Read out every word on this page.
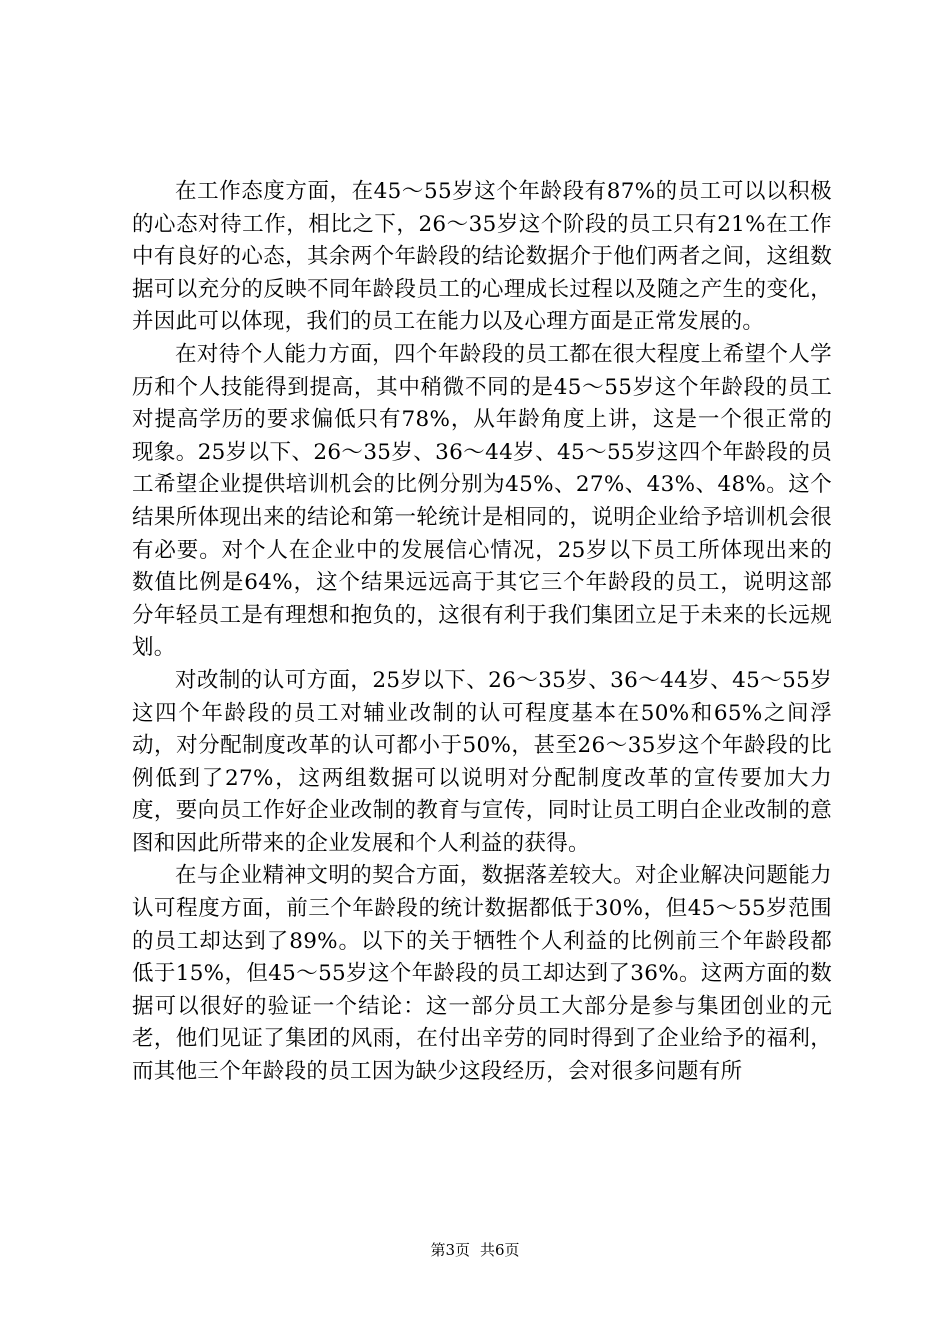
在工作态度方面，在45～55岁这个年龄段有87%的员工可以以积极的心态对待工作，相比之下，26～35岁这个阶段的员工只有21%在工作中有良好的心态，其余两个年龄段的结论数据介于他们两者之间，这组数据可以充分的反映不同年龄段员工的心理成长过程以及随之产生的变化，并因此可以体现，我们的员工在能力以及心理方面是正常发展的。

在对待个人能力方面，四个年龄段的员工都在很大程度上希望个人学历和个人技能得到提高，其中稍微不同的是45～55岁这个年龄段的员工对提高学历的要求偏低只有78%，从年龄角度上讲，这是一个很正常的现象。25岁以下、26～35岁、36～44岁、45～55岁这四个年龄段的员工希望企业提供培训机会的比例分别为45%、27%、43%、48%。这个结果所体现出来的结论和第一轮统计是相同的，说明企业给予培训机会很有必要。对个人在企业中的发展信心情况，25岁以下员工所体现出来的数值比例是64%，这个结果远远高于其它三个年龄段的员工，说明这部分年轻员工是有理想和抱负的，这很有利于我们集团立足于未来的长远规划。

对改制的认可方面，25岁以下、26～35岁、36～44岁、45～55岁这四个年龄段的员工对辅业改制的认可程度基本在50%和65%之间浮动，对分配制度改革的认可都小于50%，甚至26～35岁这个年龄段的比例低到了27%，这两组数据可以说明对分配制度改革的宣传要加大力度，要向员工作好企业改制的教育与宣传，同时让员工明白企业改制的意图和因此所带来的企业发展和个人利益的获得。

在与企业精神文明的契合方面，数据落差较大。对企业解决问题能力认可程度方面，前三个年龄段的统计数据都低于30%，但45～55岁范围的员工却达到了89%。以下的关于牺牲个人利益的比例前三个年龄段都低于15%，但45～55岁这个年龄段的员工却达到了36%。这两方面的数据可以很好的验证一个结论：这一部分员工大部分是参与集团创业的元老，他们见证了集团的风雨，在付出辛劳的同时得到了企业给予的福利，而其他三个年龄段的员工因为缺少这段经历，会对很多问题有所

第3页 共6页
